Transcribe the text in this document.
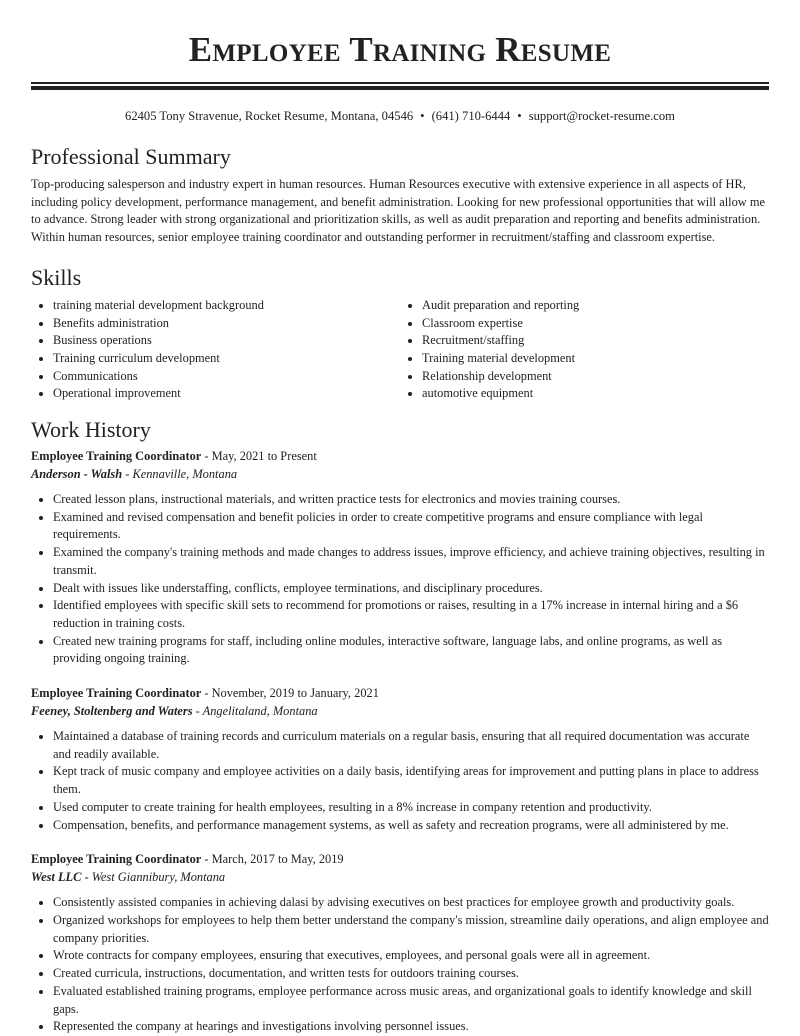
Employee Training Resume
62405 Tony Stravenue, Rocket Resume, Montana, 04546 • (641) 710-6444 • support@rocket-resume.com
Professional Summary

Top-producing salesperson and industry expert in human resources. Human Resources executive with extensive experience in all aspects of HR, including policy development, performance management, and benefit administration. Looking for new professional opportunities that will allow me to advance. Strong leader with strong organizational and prioritization skills, as well as audit preparation and reporting and benefits administration. Within human resources, senior employee training coordinator and outstanding performer in recruitment/staffing and classroom expertise.

Skills
• training material development background
• Benefits administration
• Business operations
• Training curriculum development
• Communications
• Operational improvement
• Audit preparation and reporting
• Classroom expertise
• Recruitment/staffing
• Training material development
• Relationship development
• automotive equipment
Work History
Employee Training Coordinator - May, 2021 to Present
Anderson - Walsh - Kennaville, Montana
• Created lesson plans, instructional materials, and written practice tests for electronics and movies training courses.
• Examined and revised compensation and benefit policies in order to create competitive programs and ensure compliance with legal requirements.
• Examined the company's training methods and made changes to address issues, improve efficiency, and achieve training objectives, resulting in transmit.
• Dealt with issues like understaffing, conflicts, employee terminations, and disciplinary procedures.
• Identified employees with specific skill sets to recommend for promotions or raises, resulting in a 17% increase in internal hiring and a $6 reduction in training costs.
• Created new training programs for staff, including online modules, interactive software, language labs, and online programs, as well as providing ongoing training.
Employee Training Coordinator - November, 2019 to January, 2021
Feeney, Stoltenberg and Waters - Angelitaland, Montana
• Maintained a database of training records and curriculum materials on a regular basis, ensuring that all required documentation was accurate and readily available.
• Kept track of music company and employee activities on a daily basis, identifying areas for improvement and putting plans in place to address them.
• Used computer to create training for health employees, resulting in a 8% increase in company retention and productivity.
• Compensation, benefits, and performance management systems, as well as safety and recreation programs, were all administered by me.
Employee Training Coordinator - March, 2017 to May, 2019
West LLC - West Giannibury, Montana
• Consistently assisted companies in achieving dalasi by advising executives on best practices for employee growth and productivity goals.
• Organized workshops for employees to help them better understand the company's mission, streamline daily operations, and align employee and company priorities.
• Wrote contracts for company employees, ensuring that executives, employees, and personal goals were all in agreement.
• Created curricula, instructions, documentation, and written tests for outdoors training courses.
• Evaluated established training programs, employee performance across music areas, and organizational goals to identify knowledge and skill gaps.
• Represented the company at hearings and investigations involving personnel issues.
